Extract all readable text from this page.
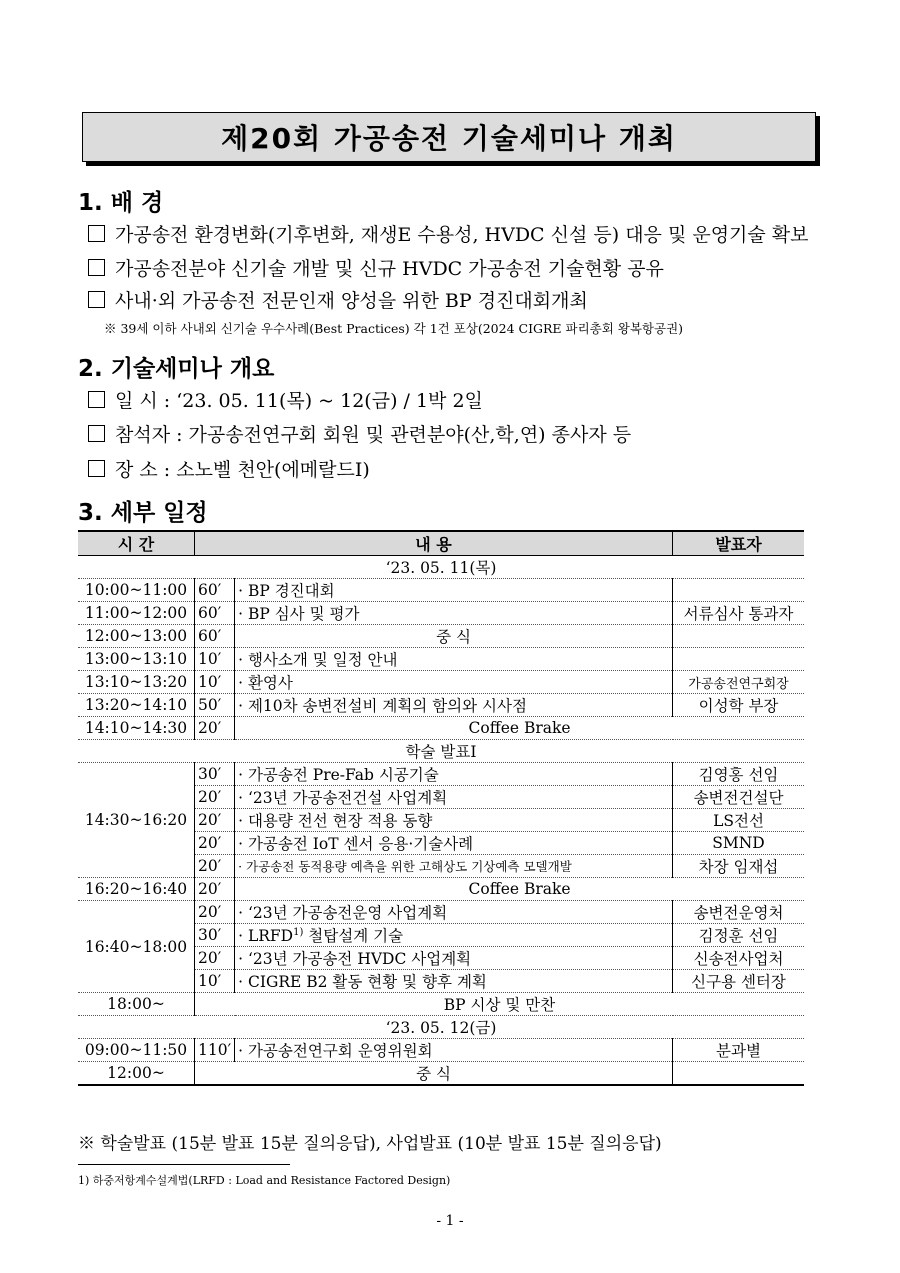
제20회 가공송전 기술세미나 개최
1. 배 경
가공송전 환경변화(기후변화, 재생E 수용성, HVDC 신설 등) 대응 및 운영기술 확보
가공송전분야 신기술 개발 및 신규 HVDC 가공송전 기술현황 공유
사내·외 가공송전 전문인재 양성을 위한 BP 경진대회개최
※ 39세 이하 사내외 신기술 우수사례(Best Practices) 각 1건 포상(2024 CIGRE 파리총회 왕복항공권)
2. 기술세미나 개요
일 시 : ‘23. 05. 11(목) ~ 12(금) / 1박 2일
참석자 : 가공송전연구회 회원 및 관련분야(산,학,연) 종사자 등
장 소 : 소노벨 천안(에메랄드Ⅰ)
3. 세부 일정
시 간	내 용		발표자
‘23. 05. 11(목)			
10:00~11:00	60′	· BP 경진대회	
11:00~12:00	60′	· BP 심사 및 평가	서류심사 통과자
12:00~13:00	60′	중 식	
13:00~13:10	10′	· 행사소개 및 일정 안내	
13:10~13:20	10′	· 환영사	가공송전연구회장
13:20~14:10	50′	· 제10차 송변전설비 계획의 함의와 시사점	이성학 부장
14:10~14:30	20′	Coffee Brake	
학술 발표Ⅰ			
14:30~16:20	30′	· 가공송전 Pre-Fab 시공기술	김영홍 선임
	20′	· ‘23년 가공송전건설 사업계획	송변전건설단
	20′	· 대용량 전선 현장 적용 동향	LS전선
	20′	· 가공송전 IoT 센서 응용·기술사례	SMND
	20′	· 가공송전 동적용량 예측을 위한 고해상도 기상예측 모델개발	차장 임재섭
16:20~16:40	20′	Coffee Brake	
16:40~18:00	20′	· ‘23년 가공송전운영 사업계획	송변전운영처
	30′	· $LRFD^{1)}$ 철탑설계 기술	김정훈 선임
	20′	· ‘23년 가공송전 HVDC 사업계획	신송전사업처
	10′	· CIGRE B2 활동 현황 및 향후 계획	신구용 센터장
18:00~	BP 시상 및 만찬		
‘23. 05. 12(금)			
09:00~11:50	110′	· 가공송전연구회 운영위원회	분과별
12:00~	중 식		
※ 학술발표 (15분 발표 15분 질의응답), 사업발표 (10분 발표 15분 질의응답)
1) 하중저항계수설계법(LRFD : Load and Resistance Factored Design)
- 1 -
